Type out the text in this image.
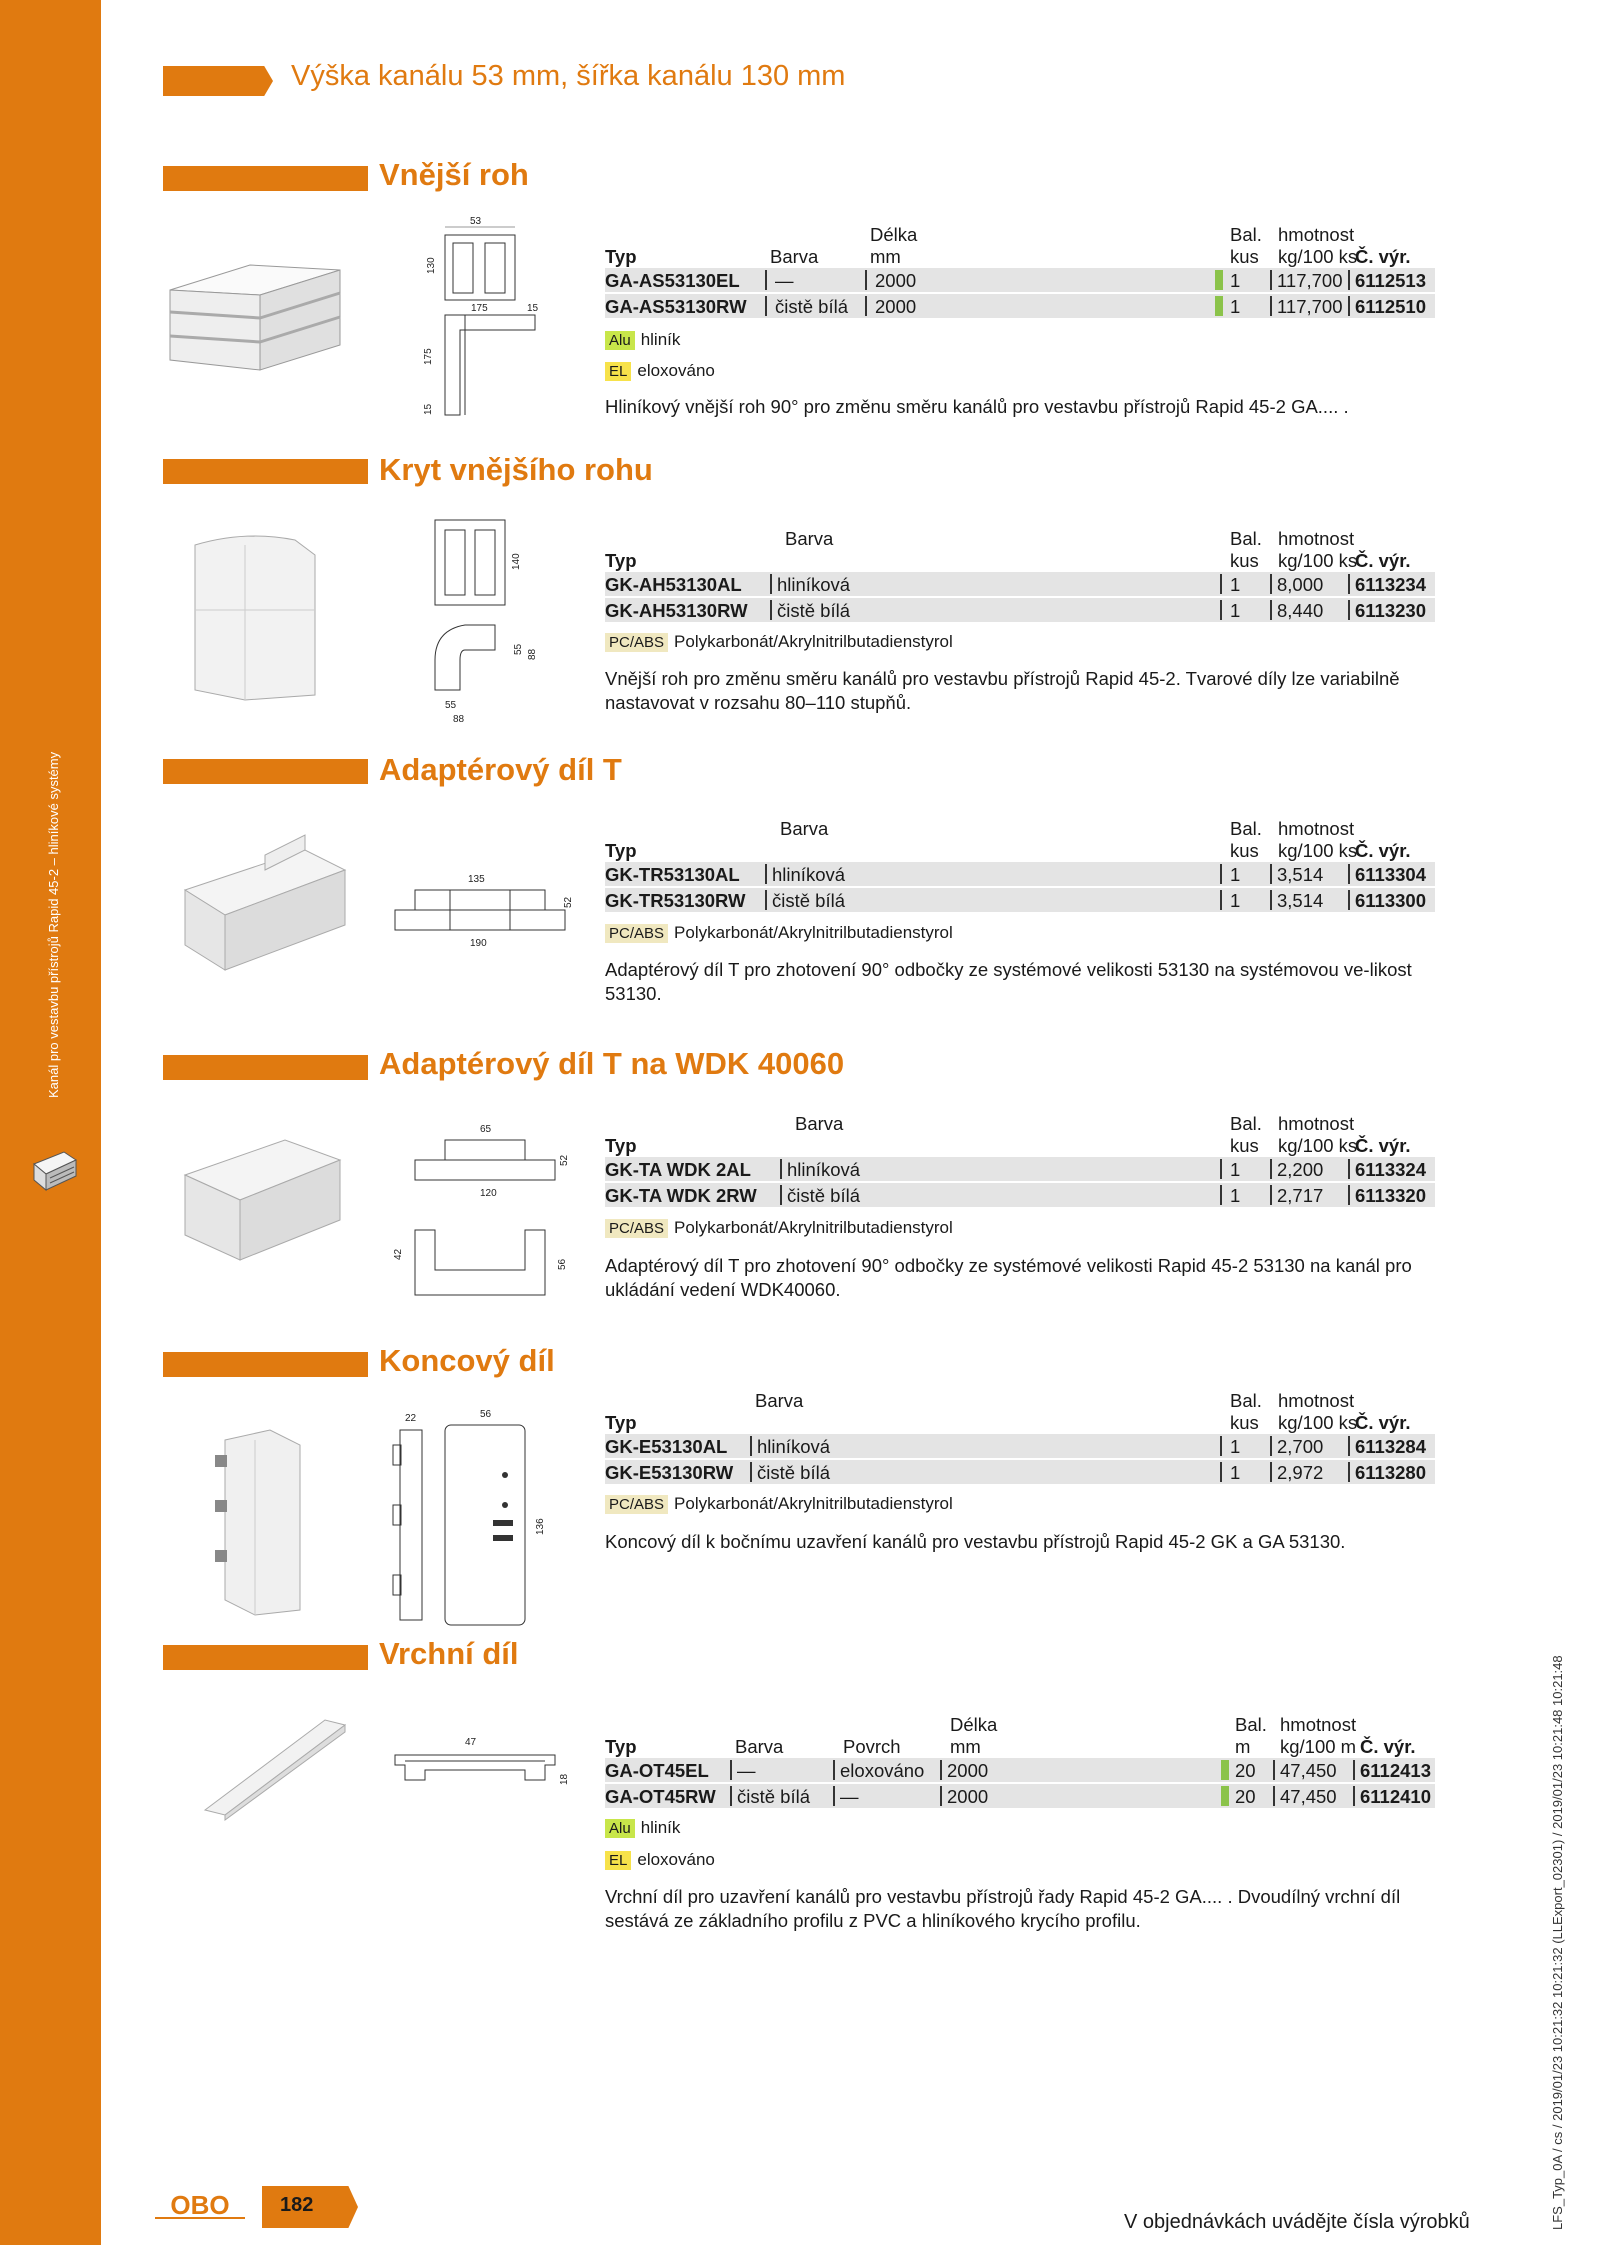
Kanál pro vestavbu přístrojů Rapid 45-2 – hliníkové systémy
Výška kanálu 53 mm, šířka kanálu 130 mm
Vnější roh
53
130
175	15
175
15
Délka	Bal. hmotnost
Typ	Barva	mm	kus kg/100 ks
Č. výr.
GA-AS53130EL —	2000	1 117,700 6112513
GA-AS53130RW čistě bílá 2000	1 117,700 6112510
Alu hliník
EL eloxováno
Hliníkový vnější roh 90° pro změnu směru kanálů pro vestavbu přístrojů Rapid 45-2 GA.... .
Kryt vnějšího rohu
140
55 88
55
88
Barva	Bal. hmotnost
Typ	kus kg/100 ks
Č. výr.
GK-AH53130AL hliníková	1 8,000 6113234
GK-AH53130RW čistě bílá	1 8,440 6113230
PC/ABS Polykarbonát/Akrylnitrilbutadienstyrol
Vnější roh pro změnu směru kanálů pro vestavbu přístrojů Rapid 45-2. Tvarové díly lze variabilně nastavovat v rozsahu 80–110 stupňů.
Adaptérový díl T
135
52
190
Barva	Bal. hmotnost
Typ	kus kg/100 ks
Č. výr.
GK-TR53130AL hliníková	1 3,514 6113304
GK-TR53130RW čistě bílá	1 3,514 6113300
PC/ABS Polykarbonát/Akrylnitrilbutadienstyrol
Adaptérový díl T pro zhotovení 90° odbočky ze systémové velikosti 53130 na systémovou ve-likost 53130.
Adaptérový díl T na WDK 40060
65
52
120
42
56
Barva	Bal. hmotnost
Typ	kus kg/100 ks
Č. výr.
GK-TA WDK 2AL hliníková	1 2,200 6113324
GK-TA WDK 2RW čistě bílá	1 2,717 6113320
PC/ABS Polykarbonát/Akrylnitrilbutadienstyrol
Adaptérový díl T pro zhotovení 90° odbočky ze systémové velikosti Rapid 45-2 53130 na kanál pro ukládání vedení WDK40060.
Koncový díl
22	56
136
Barva	Bal. hmotnost
Typ	kus kg/100 ks
Č. výr.
GK-E53130AL hliníková	1 2,700 6113284
GK-E53130RW čistě bílá	1 2,972 6113280
PC/ABS Polykarbonát/Akrylnitrilbutadienstyrol
Koncový díl k bočnímu uzavření kanálů pro vestavbu přístrojů Rapid 45-2 GK a GA 53130.
Vrchní díl
47
18
Délka	Bal. hmotnost
Typ	Barva	Povrch	mm	m kg/100 m Č. výr.
GA-OT45EL —	eloxováno 2000	20 47,450 6112413
GA-OT45RW čistě bílá —	2000	20 47,450 6112410
Alu hliník
EL eloxováno
Vrchní díl pro uzavření kanálů pro vestavbu přístrojů řady Rapid 45-2 GA.... . Dvoudílný vrchní díl sestává ze základního profilu z PVC a hliníkového krycího profilu.	LFS_Typ_0A / cs / 2019/01/23 10:21:32 10:21:32 (LLExport_02301) / 2019/01/23 10:21:48 10:21:48
OBO	182
V objednávkách uvádějte čísla výrobků
